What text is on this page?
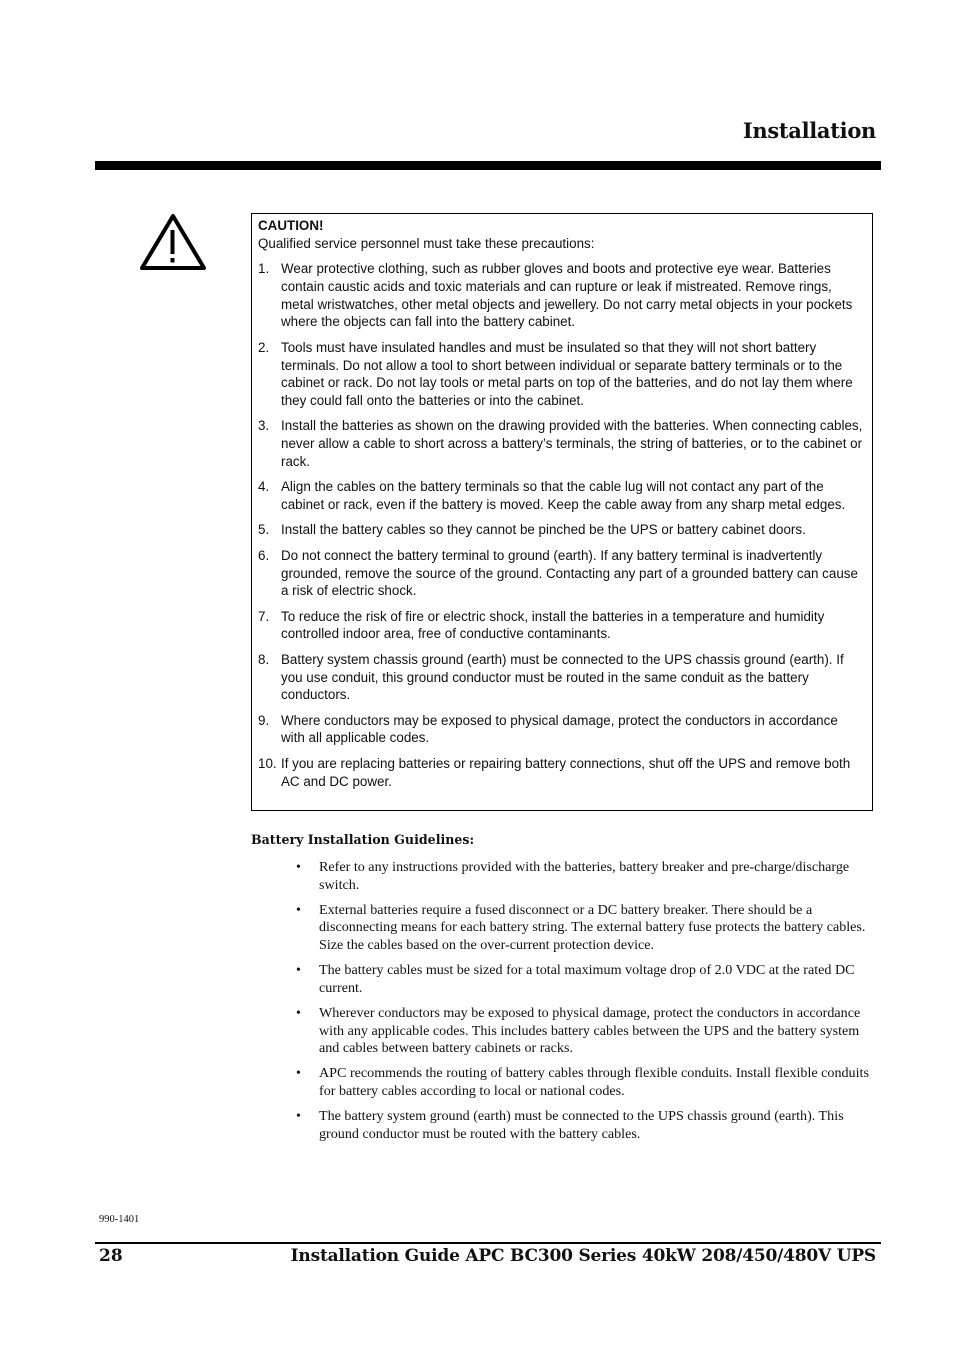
Installation
CAUTION!
Qualified service personnel must take these precautions:
1. Wear protective clothing, such as rubber gloves and boots and protective eye wear. Batteries contain caustic acids and toxic materials and can rupture or leak if mistreated. Remove rings, metal wristwatches, other metal objects and jewellery. Do not carry metal objects in your pockets where the objects can fall into the battery cabinet.
2. Tools must have insulated handles and must be insulated so that they will not short battery terminals. Do not allow a tool to short between individual or separate battery terminals or to the cabinet or rack. Do not lay tools or metal parts on top of the batteries, and do not lay them where they could fall onto the batteries or into the cabinet.
3. Install the batteries as shown on the drawing provided with the batteries. When connecting cables, never allow a cable to short across a battery’s terminals, the string of batteries, or to the cabinet or rack.
4. Align the cables on the battery terminals so that the cable lug will not contact any part of the cabinet or rack, even if the battery is moved. Keep the cable away from any sharp metal edges.
5. Install the battery cables so they cannot be pinched be the UPS or battery cabinet doors.
6. Do not connect the battery terminal to ground (earth). If any battery terminal is inadvertently grounded, remove the source of the ground. Contacting any part of a grounded battery can cause a risk of electric shock.
7. To reduce the risk of fire or electric shock, install the batteries in a temperature and humidity controlled indoor area, free of conductive contaminants.
8. Battery system chassis ground (earth) must be connected to the UPS chassis ground (earth). If you use conduit, this ground conductor must be routed in the same conduit as the battery conductors.
9. Where conductors may be exposed to physical damage, protect the conductors in accordance with all applicable codes.
10. If you are replacing batteries or repairing battery connections, shut off the UPS and remove both AC and DC power.
Battery Installation Guidelines:
• Refer to any instructions provided with the batteries, battery breaker and pre-charge/discharge switch.
• External batteries require a fused disconnect or a DC battery breaker. There should be a disconnecting means for each battery string. The external battery fuse protects the battery cables. Size the cables based on the over-current protection device.
• The battery cables must be sized for a total maximum voltage drop of 2.0 VDC at the rated DC current.
• Wherever conductors may be exposed to physical damage, protect the conductors in accordance with any applicable codes. This includes battery cables between the UPS and the battery system and cables between battery cabinets or racks.
• APC recommends the routing of battery cables through flexible conduits. Install flexible conduits for battery cables according to local or national codes.
• The battery system ground (earth) must be connected to the UPS chassis ground (earth). This ground conductor must be routed with the battery cables.
990-1401
28	Installation Guide APC BC300 Series 40kW 208/450/480V UPS
